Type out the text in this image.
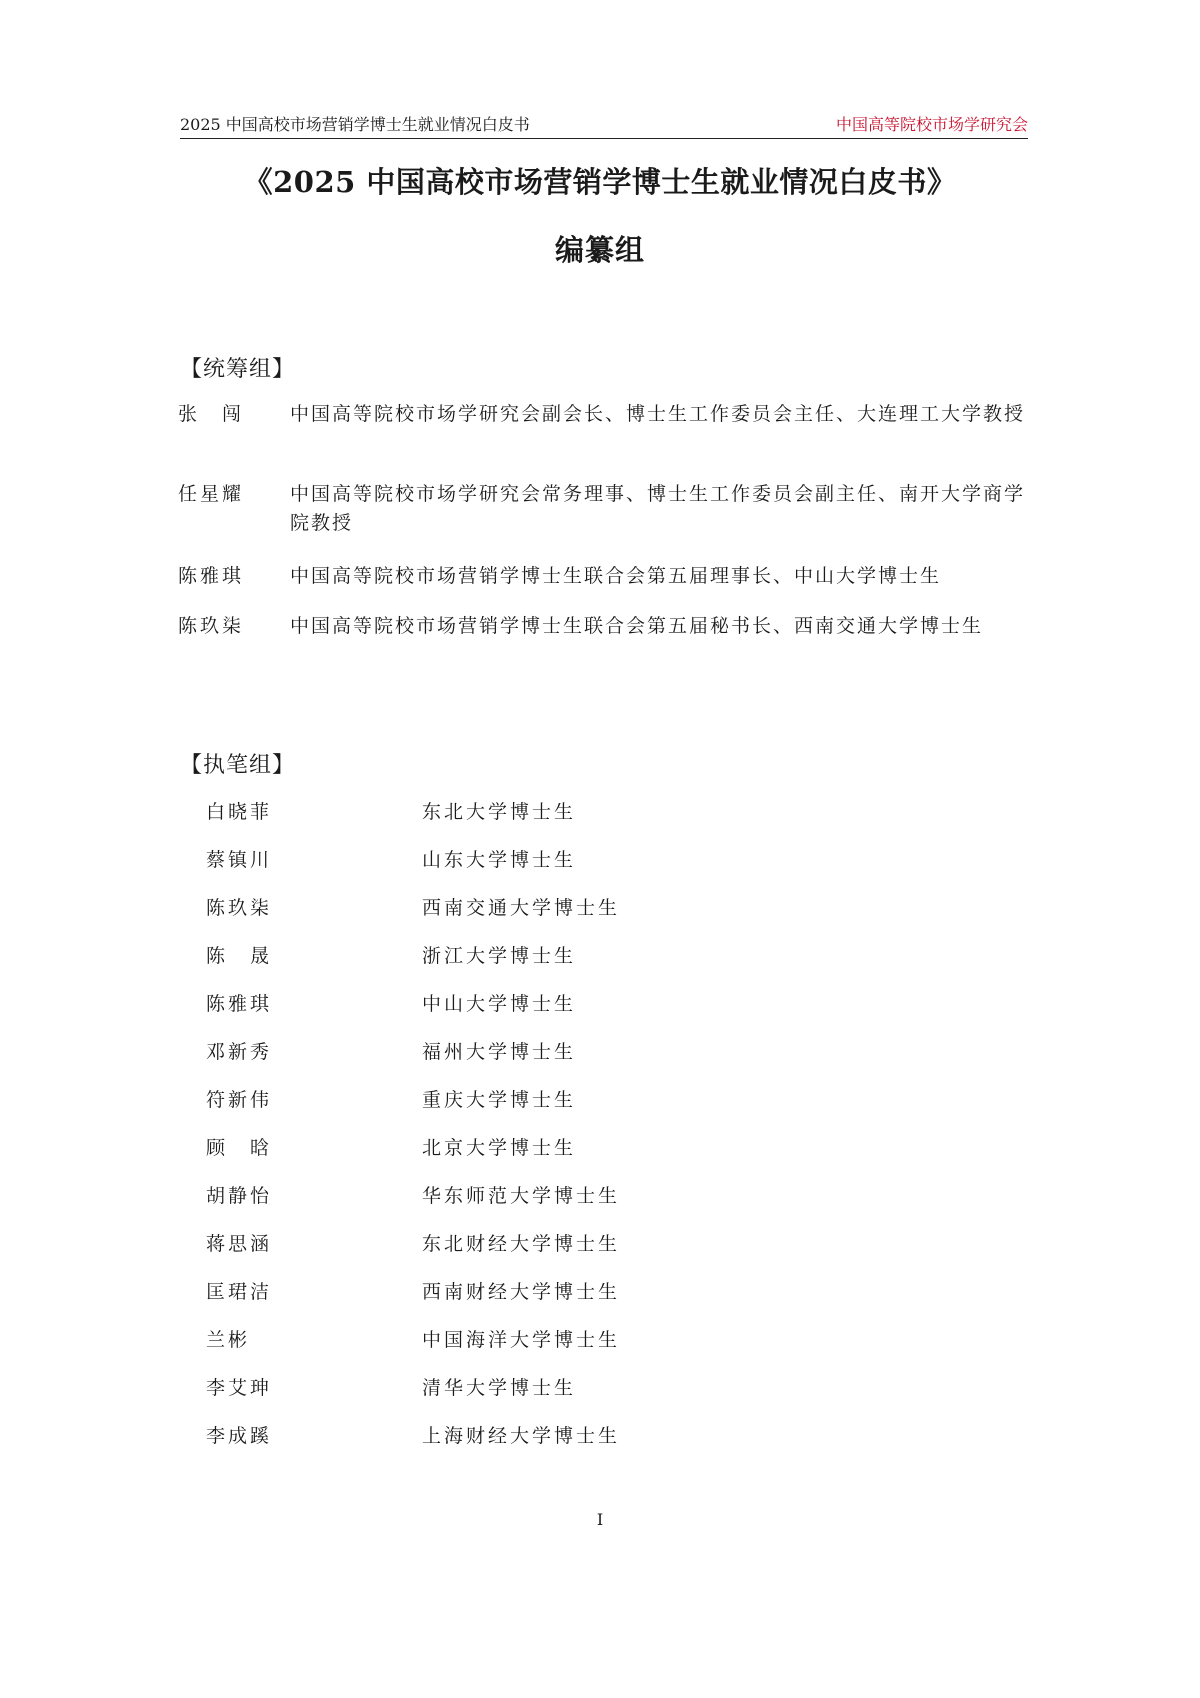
2025 中国高校市场营销学博士生就业情况白皮书	中国高等院校市场学研究会
《2025 中国高校市场营销学博士生就业情况白皮书》
编纂组
【统筹组】
张　闯	中国高等院校市场学研究会副会长、博士生工作委员会主任、大连理工大学教授
任星耀	中国高等院校市场学研究会常务理事、博士生工作委员会副主任、南开大学商学院教授
陈雅琪	中国高等院校市场营销学博士生联合会第五届理事长、中山大学博士生
陈玖柒	中国高等院校市场营销学博士生联合会第五届秘书长、西南交通大学博士生
【执笔组】
白晓菲	东北大学博士生
蔡镇川	山东大学博士生
陈玖柒	西南交通大学博士生
陈　晟	浙江大学博士生
陈雅琪	中山大学博士生
邓新秀	福州大学博士生
符新伟	重庆大学博士生
顾　晗	北京大学博士生
胡静怡	华东师范大学博士生
蒋思涵	东北财经大学博士生
匡珺洁	西南财经大学博士生
兰彬	中国海洋大学博士生
李艾珅	清华大学博士生
李成蹊	上海财经大学博士生
I
